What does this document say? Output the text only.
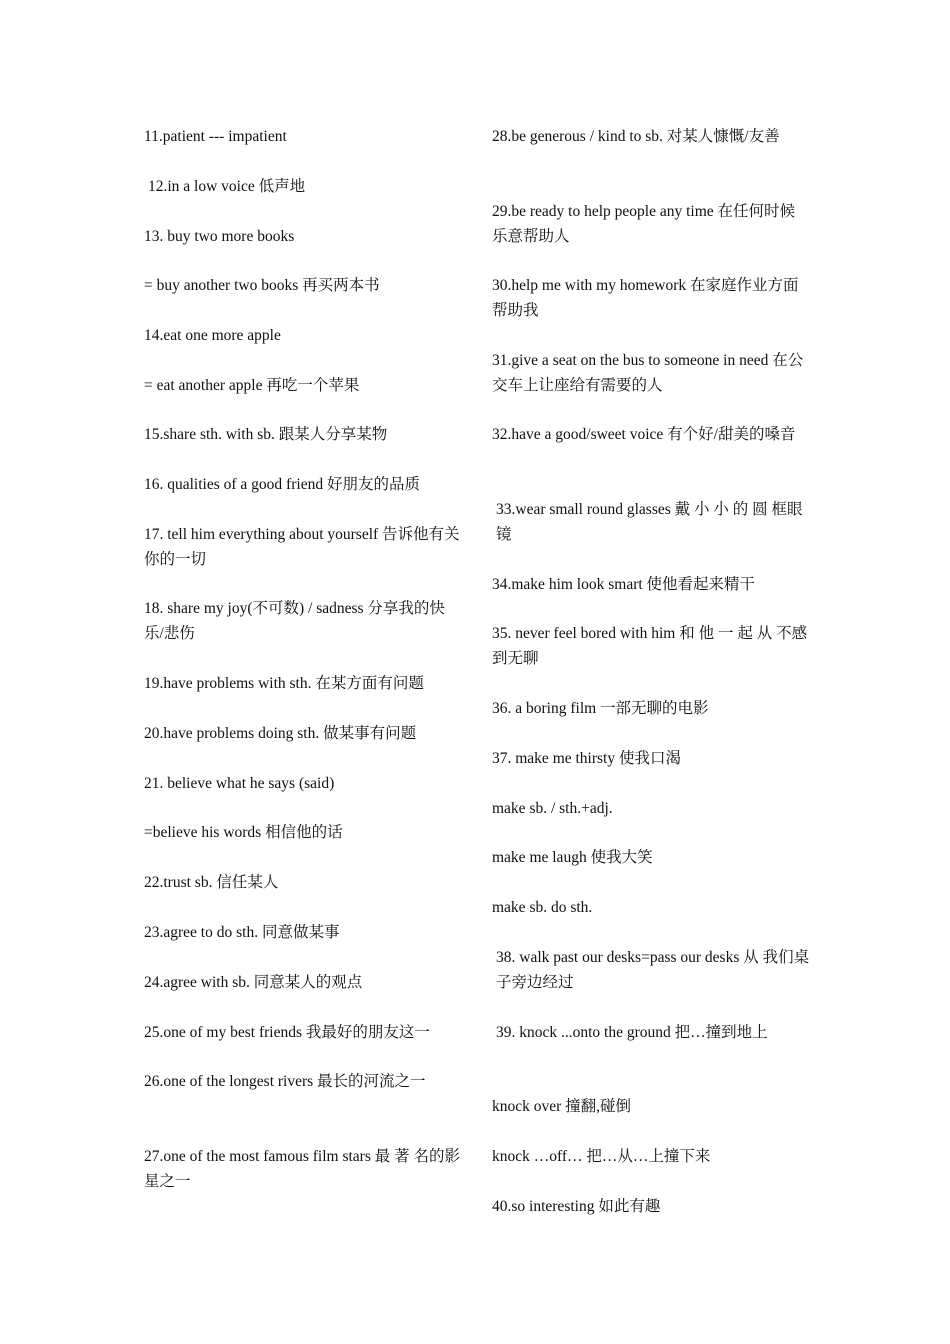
11.patient --- impatient
12.in a low voice 低声地
13. buy two more books
= buy another two books 再买两本书
14.eat one more apple
= eat another apple 再吃一个苹果
15.share sth. with sb. 跟某人分享某物
16. qualities of a good friend 好朋友的品质
17. tell him everything about yourself 告诉他有关你的一切
18. share my joy(不可数) / sadness 分享我的快乐/悲伤
19.have problems with sth. 在某方面有问题
20.have problems doing sth. 做某事有问题
21. believe what he says (said)
=believe his words 相信他的话
22.trust sb. 信任某人
23.agree to do sth. 同意做某事
24.agree with sb. 同意某人的观点
25.one of my best friends 我最好的朋友这一
26.one of the longest rivers 最长的河流之一
27.one of the most famous film stars 最 著 名的影星之一
28.be generous / kind to sb. 对某人慷慨/友善
29.be ready to help people any time 在任何时候乐意帮助人
30.help me with my homework 在家庭作业方面帮助我
31.give a seat on the bus to someone in need 在公交车上让座给有需要的人
32.have a good/sweet voice 有个好/甜美的嗓音
33.wear small round glasses 戴 小 小 的 圆 框眼镜
34.make him look smart 使他看起来精干
35. never feel bored with him 和 他 一 起 从 不感到无聊
36. a boring film 一部无聊的电影
37. make me thirsty 使我口渴
make sb. / sth.+adj.
make me laugh 使我大笑
make sb. do sth.
38. walk past our desks=pass our desks 从 我们桌子旁边经过
39. knock ...onto the ground 把…撞到地上
knock over 撞翻,碰倒
knock …off… 把…从…上撞下来
40.so interesting 如此有趣
